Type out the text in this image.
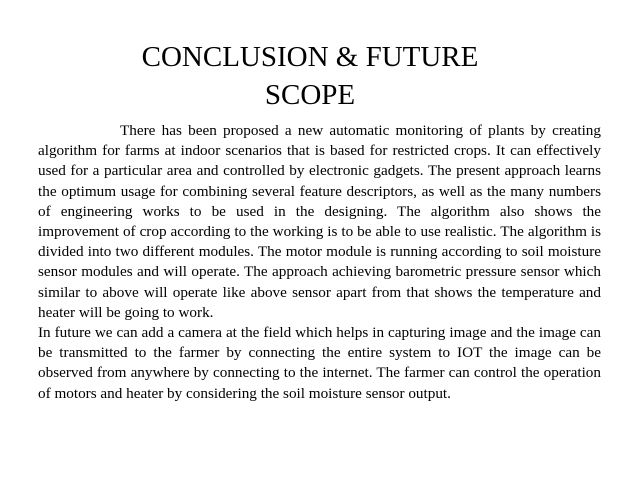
CONCLUSION & FUTURE
SCOPE

There has been proposed a new automatic monitoring of plants by creating algorithm for farms at indoor scenarios that is based for restricted crops. It can effectively used for a particular area and controlled by electronic gadgets. The present approach learns the optimum usage for combining several feature descriptors, as well as the many numbers of engineering works to be used in the designing. The algorithm also shows the improvement of crop according to the working is to be able to use realistic. The algorithm is divided into two different modules. The motor module is running according to soil moisture sensor modules and will operate. The approach achieving barometric pressure sensor which similar to above will operate like above sensor apart from that shows the temperature and heater will be going to work.

In future we can add a camera at the field which helps in capturing image and the image can be transmitted to the farmer by connecting the entire system to IOT the image can be observed from anywhere by connecting to the internet. The farmer can control the operation of motors and heater by considering the soil moisture sensor output.
